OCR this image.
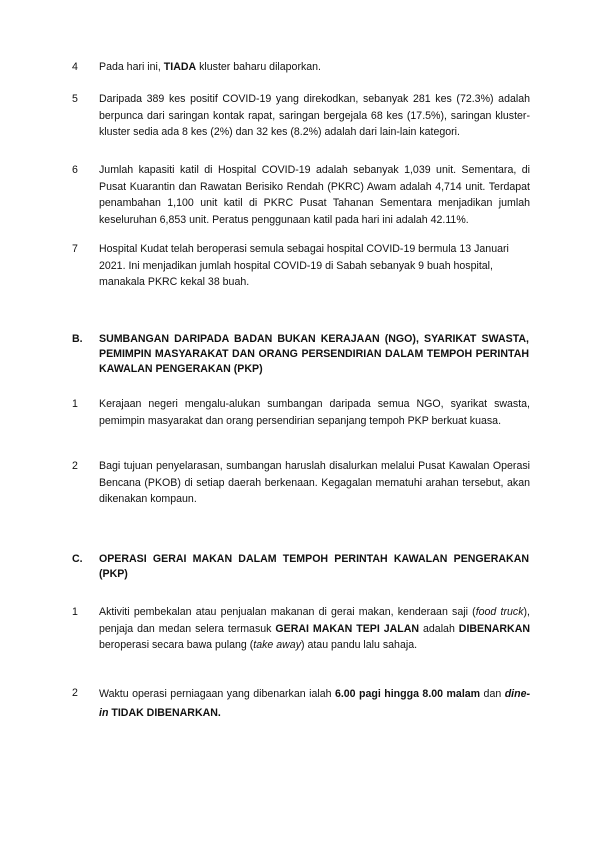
4	Pada hari ini, TIADA kluster baharu dilaporkan.
5	Daripada 389 kes positif COVID-19 yang direkodkan, sebanyak 281 kes (72.3%) adalah berpunca dari saringan kontak rapat, saringan bergejala 68 kes (17.5%), saringan kluster-kluster sedia ada 8 kes (2%) dan 32 kes (8.2%) adalah dari lain-lain kategori.
6	Jumlah kapasiti katil di Hospital COVID-19 adalah sebanyak 1,039 unit. Sementara, di Pusat Kuarantin dan Rawatan Berisiko Rendah (PKRC) Awam adalah 4,714 unit. Terdapat penambahan 1,100 unit katil di PKRC Pusat Tahanan Sementara menjadikan jumlah keseluruhan 6,853 unit. Peratus penggunaan katil pada hari ini adalah 42.11%.
7	Hospital Kudat telah beroperasi semula sebagai hospital COVID-19 bermula 13 Januari 2021. Ini menjadikan jumlah hospital COVID-19 di Sabah sebanyak 9 buah hospital, manakala PKRC kekal 38 buah.
B. SUMBANGAN DARIPADA BADAN BUKAN KERAJAAN (NGO), SYARIKAT SWASTA, PEMIMPIN MASYARAKAT DAN ORANG PERSENDIRIAN DALAM TEMPOH PERINTAH KAWALAN PENGERAKAN (PKP)
1	Kerajaan negeri mengalu-alukan sumbangan daripada semua NGO, syarikat swasta, pemimpin masyarakat dan orang persendirian sepanjang tempoh PKP berkuat kuasa.
2	Bagi tujuan penyelarasan, sumbangan haruslah disalurkan melalui Pusat Kawalan Operasi Bencana (PKOB) di setiap daerah berkenaan. Kegagalan mematuhi arahan tersebut, akan dikenakan kompaun.
C. OPERASI GERAI MAKAN DALAM TEMPOH PERINTAH KAWALAN PENGERAKAN (PKP)
1	Aktiviti pembekalan atau penjualan makanan di gerai makan, kenderaan saji (food truck), penjaja dan medan selera termasuk GERAI MAKAN TEPI JALAN adalah DIBENARKAN beroperasi secara bawa pulang (take away) atau pandu lalu sahaja.
2	Waktu operasi perniagaan yang dibenarkan ialah 6.00 pagi hingga 8.00 malam dan dine-in TIDAK DIBENARKAN.
